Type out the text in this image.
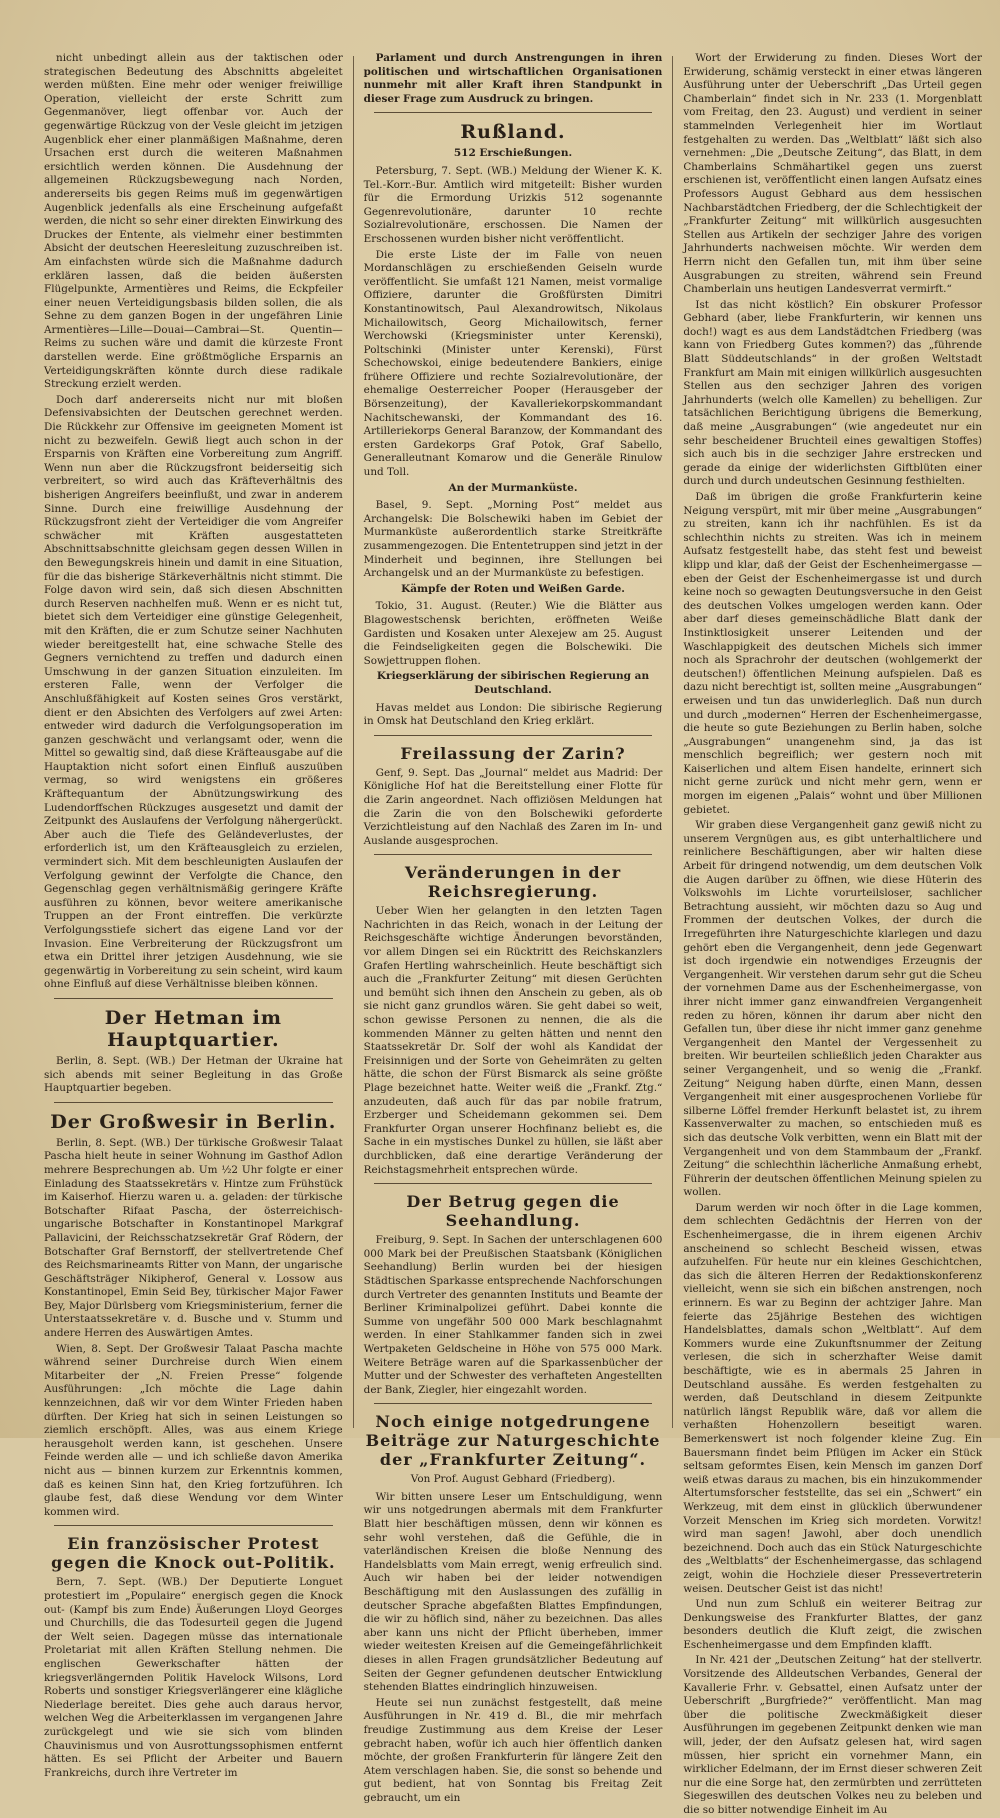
nicht unbedingt allein aus der taktischen oder strategischen Bedeutung des Abschnitts abgeleitet werden müßten. Eine mehr oder weniger freiwillige Operation, vielleicht der erste Schritt zum Gegenmanöver, liegt offenbar vor. Auch der gegenwärtige Rückzug von der Vesle gleicht im jetzigen Augenblick eher einer planmäßigen Maßnahme, deren Ursachen erst durch die weiteren Maßnahmen ersichtlich werden können. Die Ausdehnung der allgemeinen Rückzugsbewegung nach Norden, andererseits bis gegen Reims muß im gegenwärtigen Augenblick jedenfalls als eine Erscheinung aufgefaßt werden, die nicht so sehr einer direkten Einwirkung des Druckes der Entente, als vielmehr einer bestimmten Absicht der deutschen Heeresleitung zuzuschreiben ist. Am einfachsten würde sich die Maßnahme dadurch erklären lassen, daß die beiden äußersten Flügelpunkte, Armentières und Reims, die Eckpfeiler einer neuen Verteidigungsbasis bilden sollen, die als Sehne zu dem ganzen Bogen in der ungefähren Linie Armentières—Lille—Douai—Cambrai—St. Quentin—Reims zu suchen wäre und damit die kürzeste Front darstellen werde. Eine größtmögliche Ersparnis an Verteidigungskräften könnte durch diese radikale Streckung erzielt werden.

Doch darf andererseits nicht nur mit bloßen Defensivabsichten der Deutschen gerechnet werden. Die Rückkehr zur Offensive im geeigneten Moment ist nicht zu bezweifeln. Gewiß liegt auch schon in der Ersparnis von Kräften eine Vorbereitung zum Angriff. Wenn nun aber die Rückzugsfront beiderseitig sich verbreitert, so wird auch das Kräfteverhältnis des bisherigen Angreifers beeinflußt, und zwar in anderem Sinne. Durch eine freiwillige Ausdehnung der Rückzugsfront zieht der Verteidiger die vom Angreifer schwächer mit Kräften ausgestatteten Abschnittsabschnitte gleichsam gegen dessen Willen in den Bewegungskreis hinein und damit in eine Situation, für die das bisherige Stärkeverhältnis nicht stimmt. Die Folge davon wird sein, daß sich diesen Abschnitten durch Reserven nachhelfen muß. Wenn er es nicht tut, bietet sich dem Verteidiger eine günstige Gelegenheit, mit den Kräften, die er zum Schutze seiner Nachhuten wieder bereitgestellt hat, eine schwache Stelle des Gegners vernichtend zu treffen und dadurch einen Umschwung in der ganzen Situation einzuleiten. Im ersteren Falle, wenn der Verfolger die Anschlußfähigkeit auf Kosten seines Gros verstärkt, dient er den Absichten des Verfolgers auf zwei Arten: entweder wird dadurch die Verfolgungsoperation im ganzen geschwächt und verlangsamt oder, wenn die Mittel so gewaltig sind, daß diese Kräfteausgabe auf die Hauptaktion nicht sofort einen Einfluß auszuüben vermag, so wird wenigstens ein größeres Kräftequantum der Abnützungswirkung des Ludendorffschen Rückzuges ausgesetzt und damit der Zeitpunkt des Auslaufens der Verfolgung nähergerückt. Aber auch die Tiefe des Geländeverlustes, der erforderlich ist, um den Kräfteausgleich zu erzielen, vermindert sich. Mit dem beschleunigten Auslaufen der Verfolgung gewinnt der Verfolgte die Chance, den Gegenschlag gegen verhältnismäßig geringere Kräfte ausführen zu können, bevor weitere amerikanische Truppen an der Front eintreffen. Die verkürzte Verfolgungsstiefe sichert das eigene Land vor der Invasion. Eine Verbreiterung der Rückzugsfront um etwa ein Drittel ihrer jetzigen Ausdehnung, wie sie gegenwärtig in Vorbereitung zu sein scheint, wird kaum ohne Einfluß auf diese Verhältnisse bleiben können.

Der Hetman im Hauptquartier.

Berlin, 8. Sept. (WB.) Der Hetman der Ukraine hat sich abends mit seiner Begleitung in das Große Hauptquartier begeben.

Der Großwesir in Berlin.

Berlin, 8. Sept. (WB.) Der türkische Großwesir Talaat Pascha hielt heute in seiner Wohnung im Gasthof Adlon mehrere Besprechungen ab. Um ½2 Uhr folgte er einer Einladung des Staatssekretärs v. Hintze zum Frühstück im Kaiserhof. Hierzu waren u. a. geladen: der türkische Botschafter Rifaat Pascha, der österreichisch-ungarische Botschafter in Konstantinopel Markgraf Pallavicini, der Reichsschatzsekretär Graf Rödern, der Botschafter Graf Bernstorff, der stellvertretende Chef des Reichsmarineamts Ritter von Mann, der ungarische Geschäftsträger Nikipherof, General v. Lossow aus Konstantinopel, Emin Seid Bey, türkischer Major Fawer Bey, Major Dürlsberg vom Kriegsministerium, ferner die Unterstaatssekretäre v. d. Busche und v. Stumm und andere Herren des Auswärtigen Amtes.

Wien, 8. Sept. Der Großwesir Talaat Pascha machte während seiner Durchreise durch Wien einem Mitarbeiter der „N. Freien Presse“ folgende Ausführungen: „Ich möchte die Lage dahin kennzeichnen, daß wir vor dem Winter Frieden haben dürften. Der Krieg hat sich in seinen Leistungen so ziemlich erschöpft. Alles, was aus einem Kriege herausgeholt werden kann, ist geschehen. Unsere Feinde werden alle — und ich schließe davon Amerika nicht aus — binnen kurzem zur Erkenntnis kommen, daß es keinen Sinn hat, den Krieg fortzuführen. Ich glaube fest, daß diese Wendung vor dem Winter kommen wird.

Ein französischer Protest gegen die Knock out-Politik.

Bern, 7. Sept. (WB.) Der Deputierte Longuet protestiert im „Populaire“ energisch gegen die Knock out- (Kampf bis zum Ende) Äußerungen Lloyd Georges und Churchills, die das Todesurteil gegen die Jugend der Welt seien. Dagegen müsse das internationale Proletariat mit allen Kräften Stellung nehmen. Die englischen Gewerkschafter hätten der kriegsverlängernden Politik Havelock Wilsons, Lord Roberts und sonstiger Kriegsverlängerer eine klägliche Niederlage bereitet. Dies gehe auch daraus hervor, welchen Weg die Arbeiterklassen im vergangenen Jahre zurückgelegt und wie sie sich vom blinden Chauvinismus und von Ausrottungssophismen entfernt hätten. Es sei Pflicht der Arbeiter und Bauern Frankreichs, durch ihre Vertreter im

Parlament und durch Anstrengungen in ihren politischen und wirtschaftlichen Organisationen nunmehr mit aller Kraft ihren Standpunkt in dieser Frage zum Ausdruck zu bringen.

Rußland.
512 Erschießungen.

Petersburg, 7. Sept. (WB.) Meldung der Wiener K. K. Tel.-Korr.-Bur. Amtlich wird mitgeteilt: Bisher wurden für die Ermordung Urizkis 512 sogenannte Gegenrevolutionäre, darunter 10 rechte Sozialrevolutionäre, erschossen. Die Namen der Erschossenen wurden bisher nicht veröffentlicht.

Die erste Liste der im Falle von neuen Mordanschlägen zu erschießenden Geiseln wurde veröffentlicht. Sie umfaßt 121 Namen, meist vormalige Offiziere, darunter die Großfürsten Dimitri Konstantinowitsch, Paul Alexandrowitsch, Nikolaus Michailowitsch, Georg Michailowitsch, ferner Werchowski (Kriegsminister unter Kerenski), Poltschinki (Minister unter Kerenski), Fürst Schechowskoi, einige bedeutendere Bankiers, einige frühere Offiziere und rechte Sozialrevolutionäre, der ehemalige Oesterreicher Pooper (Herausgeber der Börsenzeitung), der Kavalleriekorpskommandant Nachitschewanski, der Kommandant des 16. Artilleriekorps General Baranzow, der Kommandant des ersten Gardekorps Graf Potok, Graf Sabello, Generalleutnant Komarow und die Generäle Rinulow und Toll.

An der Murmanküste.

Basel, 9. Sept. „Morning Post“ meldet aus Archangelsk: Die Bolschewiki haben im Gebiet der Murmanküste außerordentlich starke Streitkräfte zusammengezogen. Die Ententetruppen sind jetzt in der Minderheit und beginnen, ihre Stellungen bei Archangelsk und an der Murmanküste zu befestigen.

Kämpfe der Roten und Weißen Garde.

Tokio, 31. August. (Reuter.) Wie die Blätter aus Blagowestschensk berichten, eröffneten Weiße Gardisten und Kosaken unter Alexejew am 25. August die Feindseligkeiten gegen die Bolschewiki. Die Sowjettruppen flohen.

Kriegserklärung der sibirischen Regierung an Deutschland.

Havas meldet aus London: Die sibirische Regierung in Omsk hat Deutschland den Krieg erklärt.

Freilassung der Zarin?

Genf, 9. Sept. Das „Journal“ meldet aus Madrid: Der Königliche Hof hat die Bereitstellung einer Flotte für die Zarin angeordnet. Nach offiziösen Meldungen hat die Zarin die von den Bolschewiki geforderte Verzichtleistung auf den Nachlaß des Zaren im In- und Auslande ausgesprochen.

Veränderungen in der Reichsregierung.

Ueber Wien her gelangten in den letzten Tagen Nachrichten in das Reich, wonach in der Leitung der Reichsgeschäfte wichtige Änderungen bevorständen, vor allem Dingen sei ein Rücktritt des Reichskanzlers Grafen Hertling wahrscheinlich. Heute beschäftigt sich auch die „Frankfurter Zeitung“ mit diesen Gerüchten und bemüht sich ihnen den Anschein zu geben, als ob sie nicht ganz grundlos wären. Sie geht dabei so weit, schon gewisse Personen zu nennen, die als die kommenden Männer zu gelten hätten und nennt den Staatssekretär Dr. Solf der wohl als Kandidat der Freisinnigen und der Sorte von Geheimräten zu gelten hätte, die schon der Fürst Bismarck als seine größte Plage bezeichnet hatte. Weiter weiß die „Frankf. Ztg.“ anzudeuten, daß auch für das par nobile fratrum, Erzberger und Scheidemann gekommen sei. Dem Frankfurter Organ unserer Hochfinanz beliebt es, die Sache in ein mystisches Dunkel zu hüllen, sie läßt aber durchblicken, daß eine derartige Veränderung der Reichstagsmehrheit entsprechen würde.

Der Betrug gegen die Seehandlung.

Freiburg, 9. Sept. In Sachen der unterschlagenen 600 000 Mark bei der Preußischen Staatsbank (Königlichen Seehandlung) Berlin wurden bei der hiesigen Städtischen Sparkasse entsprechende Nachforschungen durch Vertreter des genannten Instituts und Beamte der Berliner Kriminalpolizei geführt. Dabei konnte die Summe von ungefähr 500 000 Mark beschlagnahmt werden. In einer Stahlkammer fanden sich in zwei Wertpaketen Geldscheine in Höhe von 575 000 Mark. Weitere Beträge waren auf die Sparkassenbücher der Mutter und der Schwester des verhafteten Angestellten der Bank, Ziegler, hier eingezahlt worden.

Noch einige notgedrungene Beiträge zur Naturgeschichte der „Frankfurter Zeitung“.
Von Prof. August Gebhard (Friedberg).

Wir bitten unsere Leser um Entschuldigung, wenn wir uns notgedrungen abermals mit dem Frankfurter Blatt hier beschäftigen müssen, denn wir können es sehr wohl verstehen, daß die Gefühle, die in vaterländischen Kreisen die bloße Nennung des Handelsblatts vom Main erregt, wenig erfreulich sind. Auch wir haben bei der leider notwendigen Beschäftigung mit den Auslassungen des zufällig in deutscher Sprache abgefaßten Blattes Empfindungen, die wir zu höflich sind, näher zu bezeichnen. Das alles aber kann uns nicht der Pflicht überheben, immer wieder weitesten Kreisen auf die Gemeingefährlichkeit dieses in allen Fragen grundsätzlicher Bedeutung auf Seiten der Gegner gefundenen deutscher Entwicklung stehenden Blattes eindringlich hinzuweisen.

Heute sei nun zunächst festgestellt, daß meine Ausführungen in Nr. 419 d. Bl., die mir mehrfach freudige Zustimmung aus dem Kreise der Leser gebracht haben, wofür ich auch hier öffentlich danken möchte, der großen Frankfurterin für längere Zeit den Atem verschlagen haben. Sie, die sonst so behende und gut bedient, hat von Sonntag bis Freitag Zeit gebraucht, um ein

Wort der Erwiderung zu finden. Dieses Wort der Erwiderung, schämig versteckt in einer etwas längeren Ausführung unter der Ueberschrift „Das Urteil gegen Chamberlain“ findet sich in Nr. 233 (1. Morgenblatt vom Freitag, den 23. August) und verdient in seiner stammelnden Verlegenheit hier im Wortlaut festgehalten zu werden. Das „Weltblatt“ läßt sich also vernehmen: „Die „Deutsche Zeitung“, das Blatt, in dem Chamberlains Schmähartikel gegen uns zuerst erschienen ist, veröffentlicht einen langen Aufsatz eines Professors August Gebhard aus dem hessischen Nachbarstädtchen Friedberg, der die Schlechtigkeit der „Frankfurter Zeitung“ mit willkürlich ausgesuchten Stellen aus Artikeln der sechziger Jahre des vorigen Jahrhunderts nachweisen möchte. Wir werden dem Herrn nicht den Gefallen tun, mit ihm über seine Ausgrabungen zu streiten, während sein Freund Chamberlain uns heutigen Landesverrat vermirft.“

Ist das nicht köstlich? Ein obskurer Professor Gebhard (aber, liebe Frankfurterin, wir kennen uns doch!) wagt es aus dem Landstädtchen Friedberg (was kann von Friedberg Gutes kommen?) das „führende Blatt Süddeutschlands“ in der großen Weltstadt Frankfurt am Main mit einigen willkürlich ausgesuchten Stellen aus den sechziger Jahren des vorigen Jahrhunderts (welch olle Kamellen) zu behelligen. Zur tatsächlichen Berichtigung übrigens die Bemerkung, daß meine „Ausgrabungen“ (wie angedeutet nur ein sehr bescheidener Bruchteil eines gewaltigen Stoffes) sich auch bis in die sechziger Jahre erstrecken und gerade da einige der widerlichsten Giftblüten einer durch und durch undeutschen Gesinnung festhielten.

Daß im übrigen die große Frankfurterin keine Neigung verspürt, mit mir über meine „Ausgrabungen“ zu streiten, kann ich ihr nachfühlen. Es ist da schlechthin nichts zu streiten. Was ich in meinem Aufsatz festgestellt habe, das steht fest und beweist klipp und klar, daß der Geist der Eschenheimergasse — eben der Geist der Eschenheimergasse ist und durch keine noch so gewagten Deutungsversuche in den Geist des deutschen Volkes umgelogen werden kann. Oder aber darf dieses gemeinschädliche Blatt dank der Instinktlosigkeit unserer Leitenden und der Waschlappigkeit des deutschen Michels sich immer noch als Sprachrohr der deutschen (wohlgemerkt der deutschen!) öffentlichen Meinung aufspielen. Daß es dazu nicht berechtigt ist, sollten meine „Ausgrabungen“ erweisen und tun das unwiderleglich. Daß nun durch und durch „modernen“ Herren der Eschenheimergasse, die heute so gute Beziehungen zu Berlin haben, solche „Ausgrabungen“ unangenehm sind, ja das ist menschlich begreiflich; wer gestern noch mit Kaiserlichen und altem Eisen handelte, erinnert sich nicht gerne zurück und nicht mehr gern, wenn er morgen im eigenen „Palais“ wohnt und über Millionen gebietet.

Wir graben diese Vergangenheit ganz gewiß nicht zu unserem Vergnügen aus, es gibt unterhaltlichere und reinlichere Beschäftigungen, aber wir halten diese Arbeit für dringend notwendig, um dem deutschen Volk die Augen darüber zu öffnen, wie diese Hüterin des Volkswohls im Lichte vorurteilsloser, sachlicher Betrachtung aussieht, wir möchten dazu so Aug und Frommen der deutschen Volkes, der durch die Irregeführten ihre Naturgeschichte klarlegen und dazu gehört eben die Vergangenheit, denn jede Gegenwart ist doch irgendwie ein notwendiges Erzeugnis der Vergangenheit. Wir verstehen darum sehr gut die Scheu der vornehmen Dame aus der Eschenheimergasse, von ihrer nicht immer ganz einwandfreien Vergangenheit reden zu hören, können ihr darum aber nicht den Gefallen tun, über diese ihr nicht immer ganz genehme Vergangenheit den Mantel der Vergessenheit zu breiten. Wir beurteilen schließlich jeden Charakter aus seiner Vergangenheit, und so wenig die „Frankf. Zeitung“ Neigung haben dürfte, einen Mann, dessen Vergangenheit mit einer ausgesprochenen Vorliebe für silberne Löffel fremder Herkunft belastet ist, zu ihrem Kassenverwalter zu machen, so entschieden muß es sich das deutsche Volk verbitten, wenn ein Blatt mit der Vergangenheit und von dem Stammbaum der „Frankf. Zeitung“ die schlechthin lächerliche Anmaßung erhebt, Führerin der deutschen öffentlichen Meinung spielen zu wollen.

Darum werden wir noch öfter in die Lage kommen, dem schlechten Gedächtnis der Herren von der Eschenheimergasse, die in ihrem eigenen Archiv anscheinend so schlecht Bescheid wissen, etwas aufzuhelfen. Für heute nur ein kleines Geschichtchen, das sich die älteren Herren der Redaktionskonferenz vielleicht, wenn sie sich ein bißchen anstrengen, noch erinnern. Es war zu Beginn der achtziger Jahre. Man feierte das 25jährige Bestehen des wichtigen Handelsblattes, damals schon „Weltblatt“. Auf dem Kommers wurde eine Zukunftsnummer der Zeitung verlesen, die sich in scherzhafter Weise damit beschäftigte, wie es in abermals 25 Jahren in Deutschland aussähe. Es werden festgehalten zu werden, daß Deutschland in diesem Zeitpunkte natürlich längst Republik wäre, daß vor allem die verhaßten Hohenzollern beseitigt waren. Bemerkenswert ist noch folgender kleine Zug. Ein Bauersmann findet beim Pflügen im Acker ein Stück seltsam geformtes Eisen, kein Mensch im ganzen Dorf weiß etwas daraus zu machen, bis ein hinzukommender Altertumsforscher feststellte, das sei ein „Schwert“ ein Werkzeug, mit dem einst in glücklich überwundener Vorzeit Menschen im Krieg sich mordeten. Vorwitz! wird man sagen! Jawohl, aber doch unendlich bezeichnend. Doch auch das ein Stück Naturgeschichte des „Weltblatts“ der Eschenheimergasse, das schlagend zeigt, wohin die Hochziele dieser Pressevertreterin weisen. Deutscher Geist ist das nicht!

Und nun zum Schluß ein weiterer Beitrag zur Denkungsweise des Frankfurter Blattes, der ganz besonders deutlich die Kluft zeigt, die zwischen Eschenheimergasse und dem Empfinden klafft.

In Nr. 421 der „Deutschen Zeitung“ hat der stellvertr. Vorsitzende des Alldeutschen Verbandes, General der Kavallerie Frhr. v. Gebsattel, einen Aufsatz unter der Ueberschrift „Burgfriede?“ veröffentlicht. Man mag über die politische Zweckmäßigkeit dieser Ausführungen im gegebenen Zeitpunkt denken wie man will, jeder, der den Aufsatz gelesen hat, wird sagen müssen, hier spricht ein vornehmer Mann, ein wirklicher Edelmann, der im Ernst dieser schweren Zeit nur die eine Sorge hat, den zermürbten und zerrütteten Siegeswillen des deutschen Volkes neu zu beleben und die so bitter notwendige Einheit im Au
